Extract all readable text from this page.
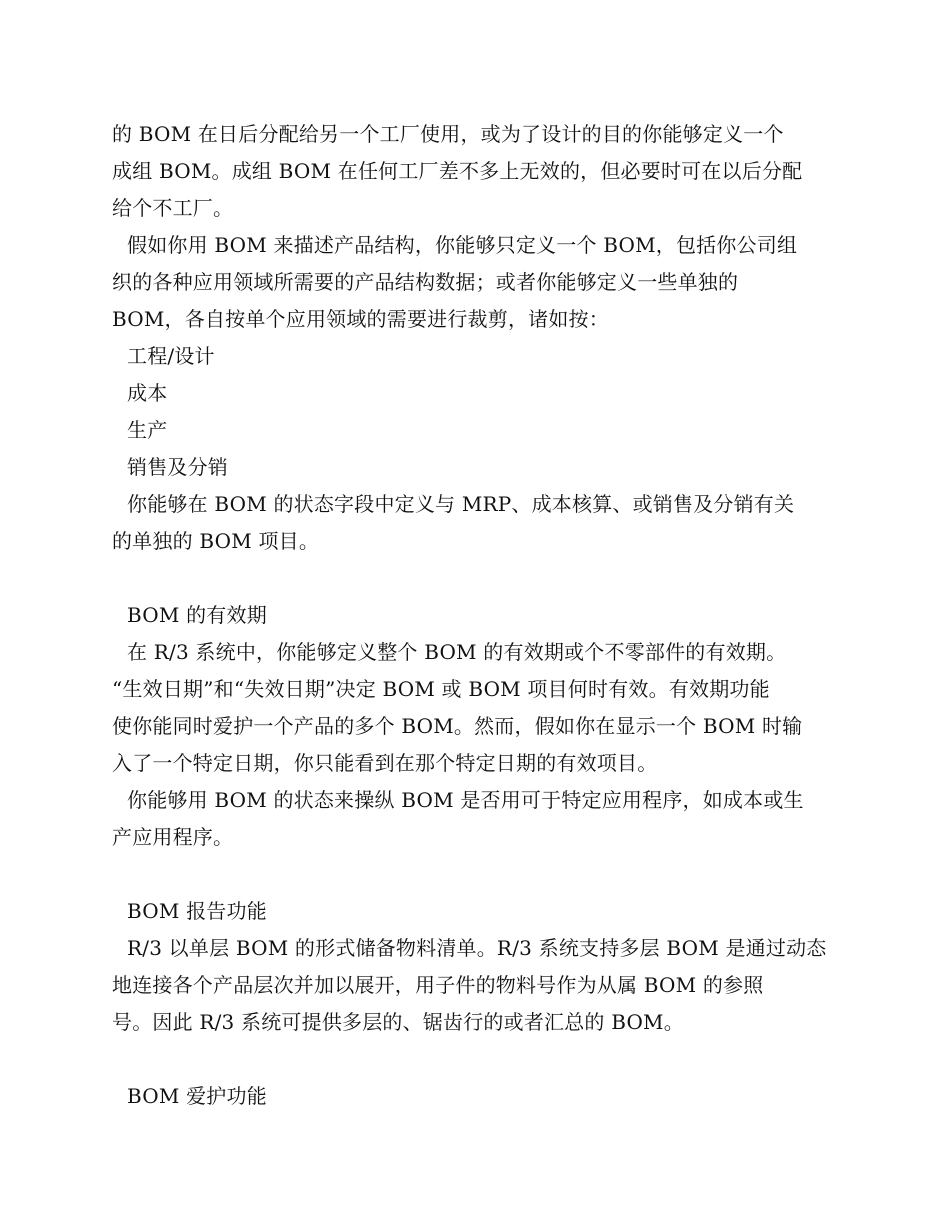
的 BOM 在日后分配给另一个工厂使用，或为了设计的目的你能够定义一个
成组 BOM。成组 BOM 在任何工厂差不多上无效的，但必要时可在以后分配
给个不工厂。
假如你用 BOM 来描述产品结构，你能够只定义一个 BOM，包括你公司组
织的各种应用领域所需要的产品结构数据；或者你能够定义一些单独的
BOM，各自按单个应用领域的需要进行裁剪，诸如按：
工程/设计
成本
生产
销售及分销
你能够在 BOM 的状态字段中定义与 MRP、成本核算、或销售及分销有关
的单独的 BOM 项目。
BOM 的有效期
在 R/3 系统中，你能够定义整个 BOM 的有效期或个不零部件的有效期。
“生效日期”和“失效日期”决定 BOM 或 BOM 项目何时有效。有效期功能
使你能同时爱护一个产品的多个 BOM。然而，假如你在显示一个 BOM 时输
入了一个特定日期，你只能看到在那个特定日期的有效项目。
你能够用 BOM 的状态来操纵 BOM 是否用可于特定应用程序，如成本或生
产应用程序。
BOM 报告功能
R/3 以单层 BOM 的形式储备物料清单。R/3 系统支持多层 BOM 是通过动态
地连接各个产品层次并加以展开，用子件的物料号作为从属 BOM 的参照
号。因此 R/3 系统可提供多层的、锯齿行的或者汇总的 BOM。
BOM 爱护功能
